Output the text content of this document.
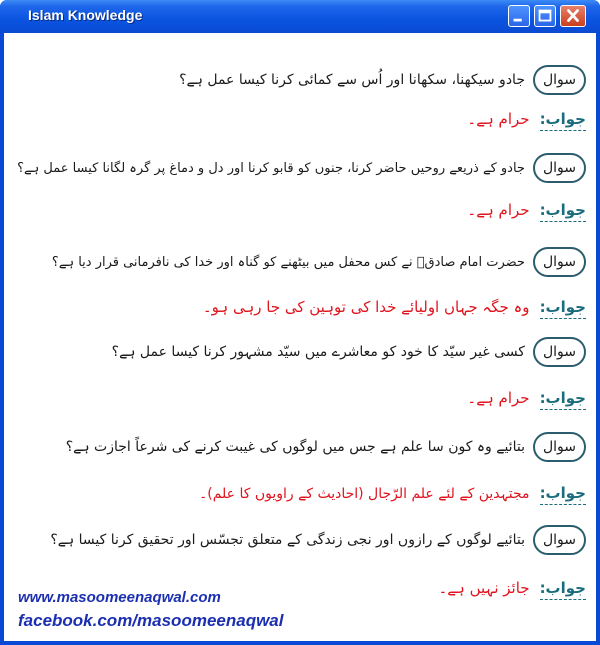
Islam Knowledge
سوالجادو سیکھنا، سکھانا اور اُس سے کمائی کرنا کیسا عمل ہے؟
جواب:حرام ہے۔
سوالجادو کے ذریعے روحیں حاضر کرنا، جنوں کو قابو کرنا اور دل و دماغ پر گرہ لگانا کیسا عمل ہے؟
جواب:حرام ہے۔
سوالحضرت امام صادقؑ نے کس محفل میں بیٹھنے کو گناہ اور خدا کی نافرمانی قرار دیا ہے؟
جواب:وہ جگہ جہاں اولیائے خدا کی توہین کی جا رہی ہو۔
سوالکسی غیر سیّد کا خود کو معاشرے میں سیّد مشہور کرنا کیسا عمل ہے؟
جواب:حرام ہے۔
سوالبتائیے وہ کون سا علم ہے جس میں لوگوں کی غیبت کرنے کی شرعاً اجازت ہے؟
جواب:مجتہدین کے لئے علم الرّجال (احادیث کے راویوں کا علم)۔
سوالبتائیے لوگوں کے رازوں اور نجی زندگی کے متعلق تجسّس اور تحقیق کرنا کیسا ہے؟
جواب:جائز نہیں ہے۔
www.masoomeenaqwal.com
facebook.com/masoomeenaqwal
